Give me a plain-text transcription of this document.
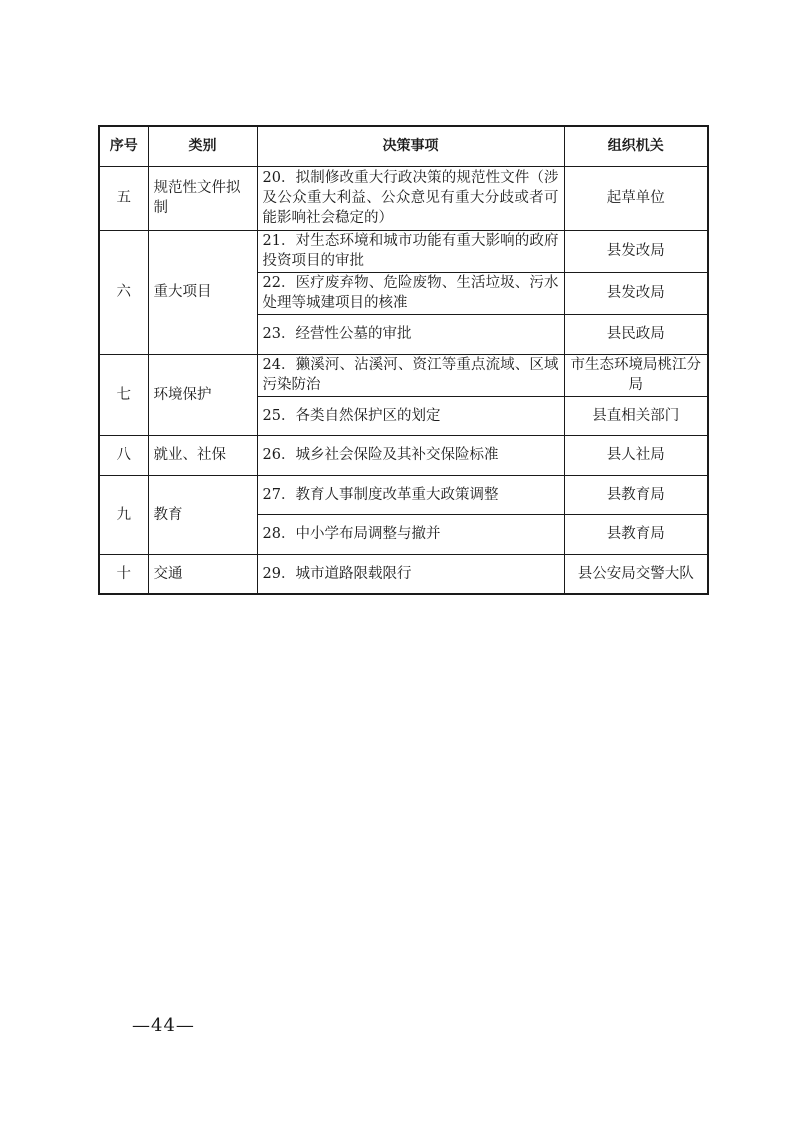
序号	类别	决策事项	组织机关
五	规范性文件拟制	20．拟制修改重大行政决策的规范性文件（涉及公众重大利益、公众意见有重大分歧或者可能影响社会稳定的）	起草单位
六	重大项目	21．对生态环境和城市功能有重大影响的政府投资项目的审批	县发改局
		22．医疗废弃物、危险废物、生活垃圾、污水处理等城建项目的核准	县发改局
		23．经营性公墓的审批	县民政局
七	环境保护	24．獭溪河、沾溪河、资江等重点流域、区域污染防治	市生态环境局桃江分局
		25．各类自然保护区的划定	县直相关部门
八	就业、社保	26．城乡社会保险及其补交保险标准	县人社局
九	教育	27．教育人事制度改革重大政策调整	县教育局
		28．中小学布局调整与撤并	县教育局
十	交通	29．城市道路限载限行	县公安局交警大队
—44—
